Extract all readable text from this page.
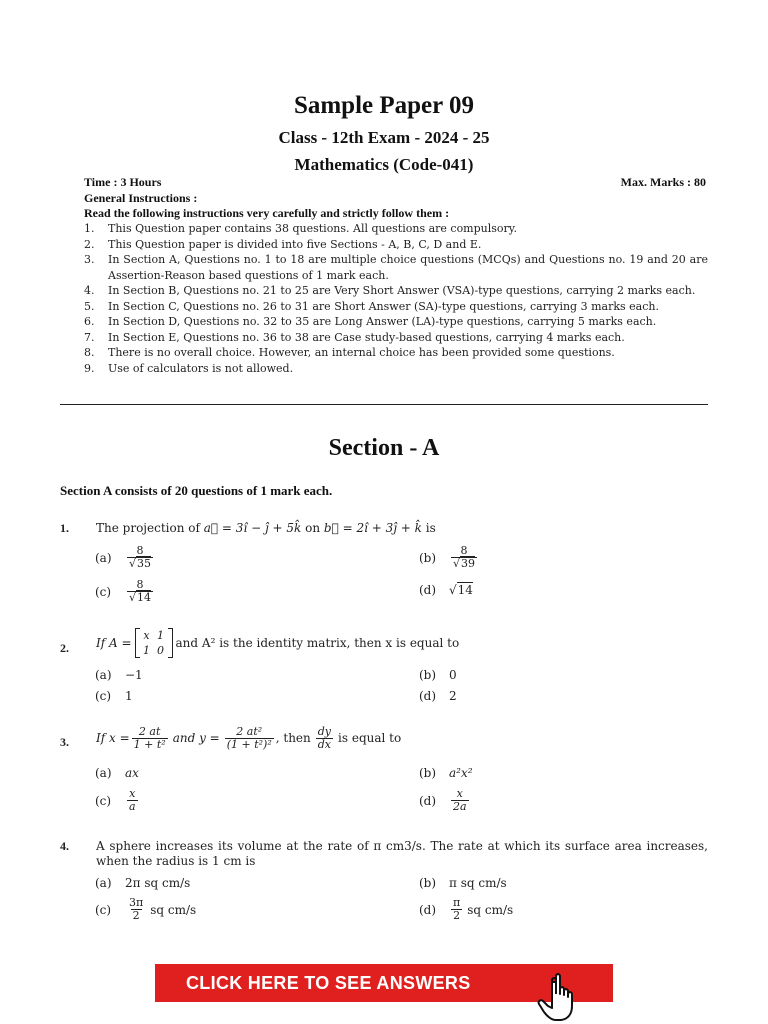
Sample Paper 09
Class - 12th Exam - 2024 - 25
Mathematics (Code-041)
Time : 3 Hours	Max. Marks : 80
General Instructions :
Read the following instructions very carefully and strictly follow them :
1.	This Question paper contains 38 questions. All questions are compulsory.
2.	This Question paper is divided into five Sections - A, B, C, D and E.
3.	In Section A, Questions no. 1 to 18 are multiple choice questions (MCQs) and Questions no. 19 and 20 are Assertion-Reason based questions of 1 mark each.
4.	In Section B, Questions no. 21 to 25 are Very Short Answer (VSA)-type questions, carrying 2 marks each.
5.	In Section C, Questions no. 26 to 31 are Short Answer (SA)-type questions, carrying 3 marks each.
6.	In Section D, Questions no. 32 to 35 are Long Answer (LA)-type questions, carrying 5 marks each.
7.	In Section E, Questions no. 36 to 38 are Case study-based questions, carrying 4 marks each.
8.	There is no overall choice. However, an internal choice has been provided some questions.
9.	Use of calculators is not allowed.
Section - A
Section A consists of 20 questions of 1 mark each.
1. The projection of a⃗ = 3î − ĵ + 5k̂ on b⃗ = 2î + 3ĵ + k̂ is
(a)	$\frac{8}{√35}$	(b)	$\frac{8}{√39}$
(c)	$\frac{8}{√14}$	(d)	√14
2. If A =	x 1
1 0
and A² is the identity matrix, then x is equal to
(a)	−1	(b)	0
(c)	1	(d)	2
3. If $x = \frac{2 at}{\text{1 + t²}}$ and $y = \frac{\text{2 at²}}{\text{(1 + t²)²}}$ , then $\frac{dy}{dx}$ is equal to
(a)	ax	(b)	a²x²
(c)	$\frac{x}{a}$	(d)	$\frac{x}{2a}$
4. A sphere increases its volume at the rate of π cm3/s. The rate at which its surface area increases, when the radius is 1 cm is
(a)	2π sq cm/s	(b)	π sq cm/s
(c)	$\frac{3\pi}{2}$ sq cm/s	(d)	$\frac{\pi}{2}$ sq cm/s
CLICK HERE TO SEE ANSWERS
